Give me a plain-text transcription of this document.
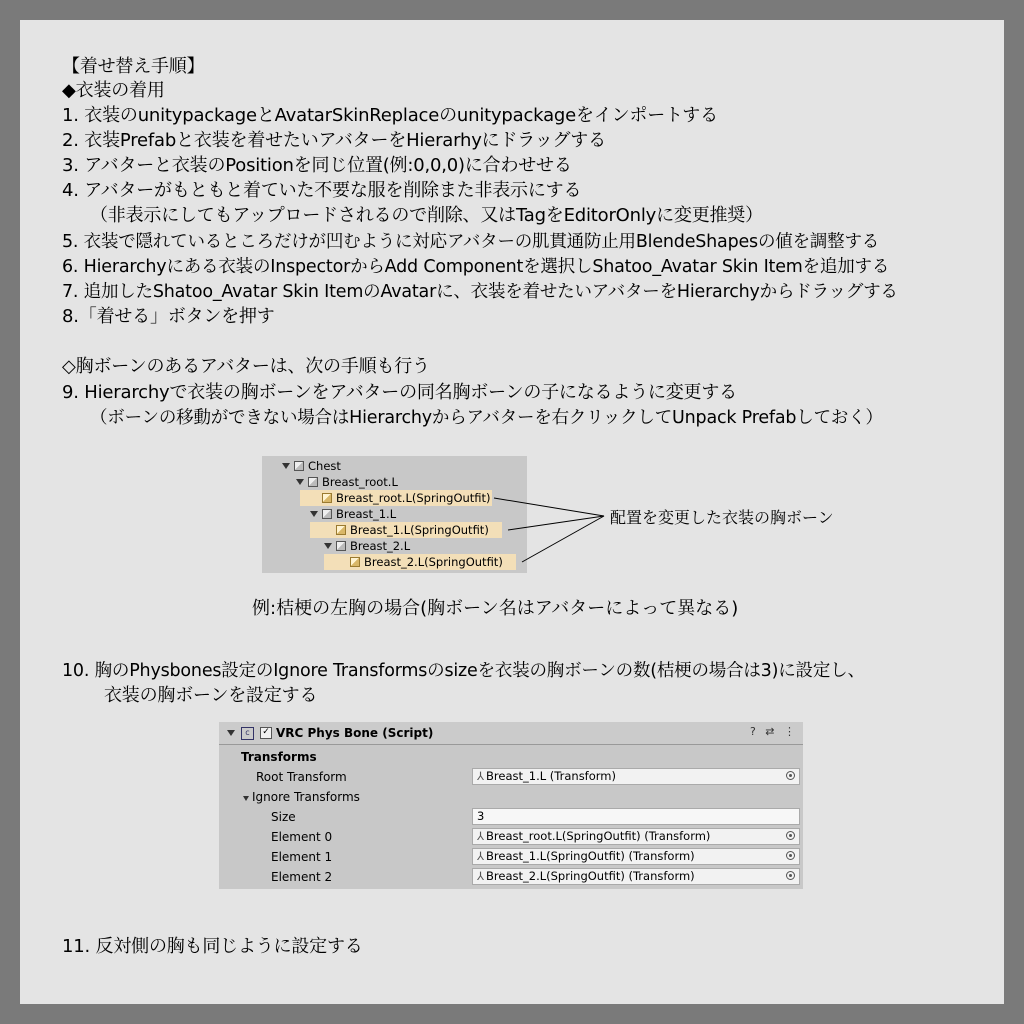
【着せ替え手順】
◆衣装の着用
1. 衣装のunitypackageとAvatarSkinReplaceのunitypackageをインポートする
2. 衣装Prefabと衣装を着せたいアバターをHierarhyにドラッグする
3. アバターと衣装のPositionを同じ位置(例:0,0,0)に合わせせる
4. アバターがもともと着ていた不要な服を削除また非表示にする
（非表示にしてもアップロードされるので削除、又はTagをEditorOnlyに変更推奨）
5. 衣装で隠れているところだけが凹むように対応アバターの肌貫通防止用BlendeShapesの値を調整する
6. Hierarchyにある衣装のInspectorからAdd Componentを選択しShatoo_Avatar Skin Itemを追加する
7. 追加したShatoo_Avatar Skin ItemのAvatarに、衣装を着せたいアバターをHierarchyからドラッグする
8.「着せる」ボタンを押す
◇胸ボーンのあるアバターは、次の手順も行う
9. Hierarchyで衣装の胸ボーンをアバターの同名胸ボーンの子になるように変更する
（ボーンの移動ができない場合はHierarchyからアバターを右クリックしてUnpack Prefabしておく）
Chest
Breast_root.L
Breast_root.L(SpringOutfit)
Breast_1.L
Breast_1.L(SpringOutfit)
Breast_2.L
Breast_2.L(SpringOutfit)
配置を変更した衣装の胸ボーン
例:桔梗の左胸の場合(胸ボーン名はアバターによって異なる)
10. 胸のPhysbones設定のIgnore Transformsのsizeを衣装の胸ボーンの数(桔梗の場合は3)に設定し、
衣装の胸ボーンを設定する
c	✓ VRC Phys Bone (Script)	? ⇄ ⋮
Transforms
Root Transform	⅄ Breast_1.L (Transform)
Ignore Transforms
Size	3
Element 0	⅄ Breast_root.L(SpringOutfit) (Transform)
Element 1	⅄ Breast_1.L(SpringOutfit) (Transform)
Element 2	⅄ Breast_2.L(SpringOutfit) (Transform)
11. 反対側の胸も同じように設定する
